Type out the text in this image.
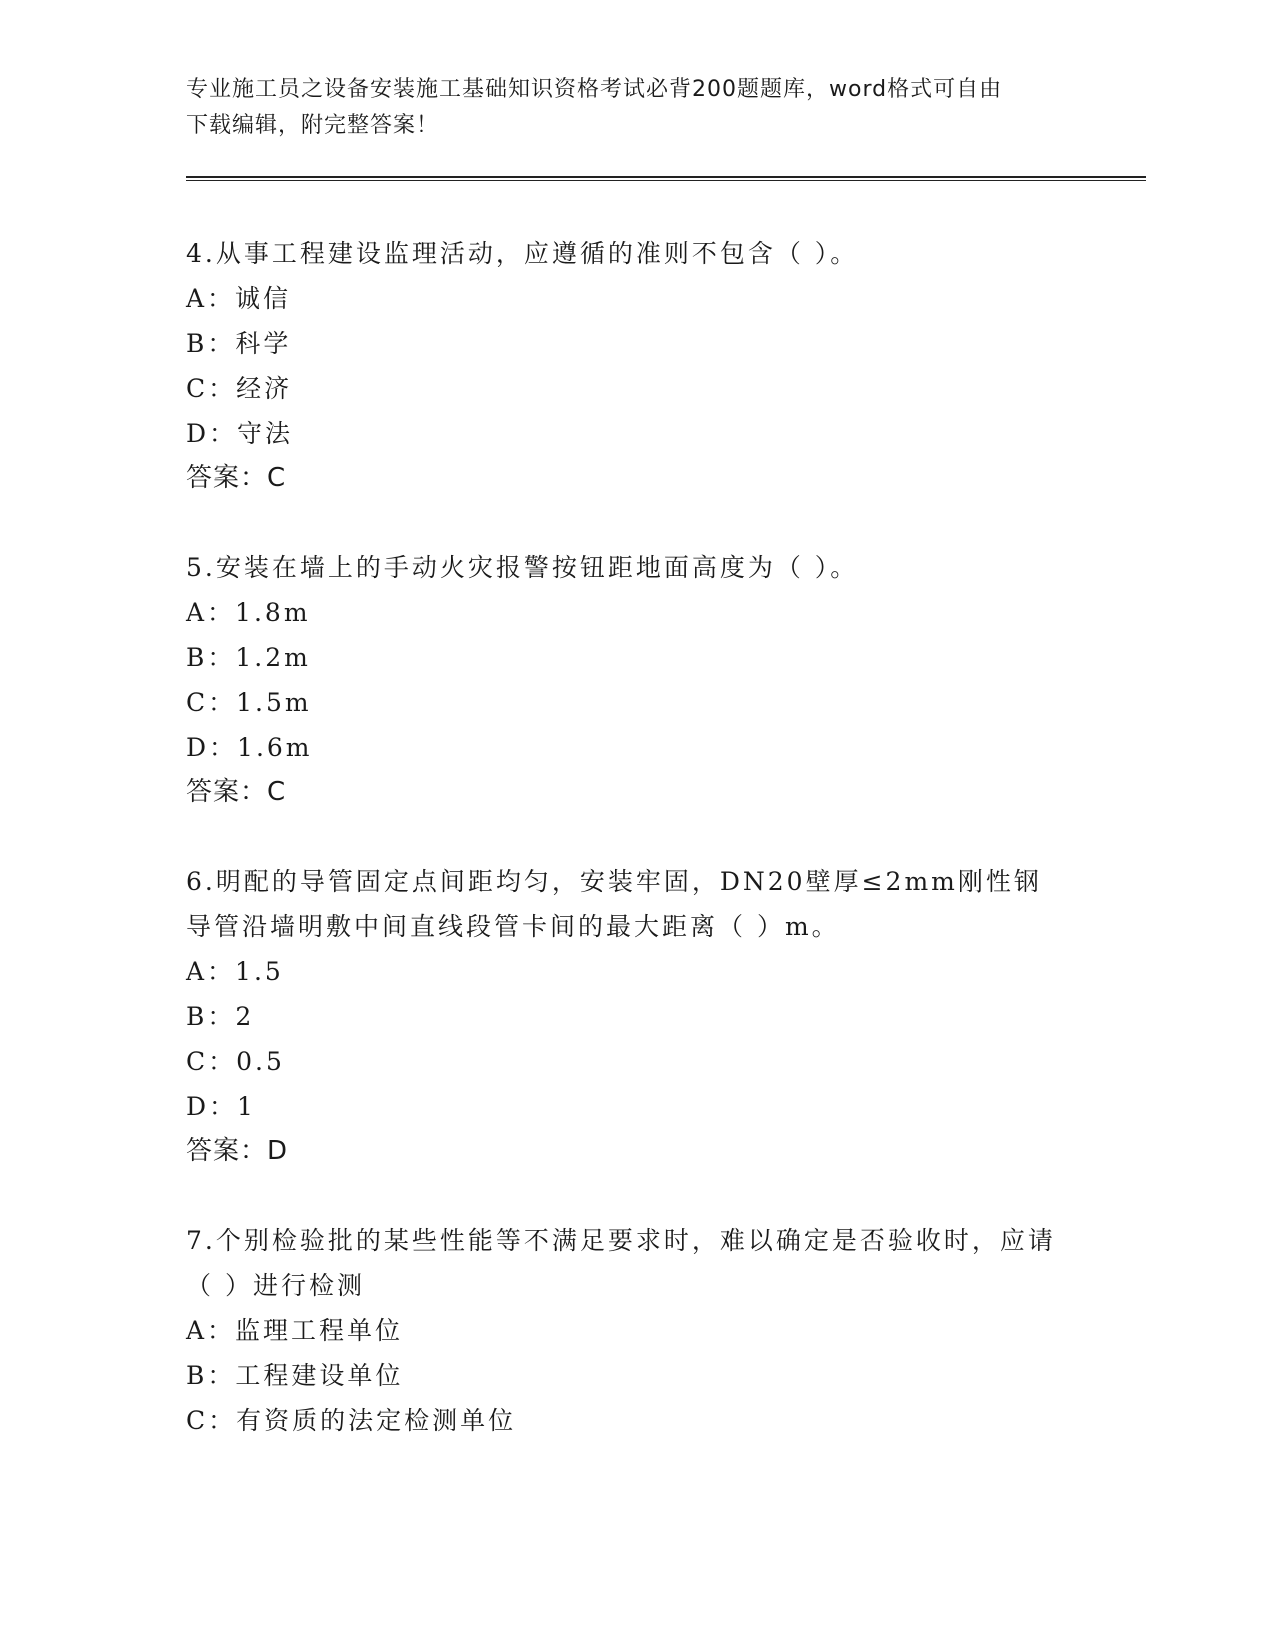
专业施工员之设备安装施工基础知识资格考试必背200题题库，word格式可自由
下载编辑，附完整答案！

4.从事工程建设监理活动，应遵循的准则不包含（ ）。

A：诚信

B：科学

C：经济

D：守法

答案：C

5.安装在墙上的手动火灾报警按钮距地面高度为（ ）。

A：1.8m

B：1.2m

C：1.5m

D：1.6m

答案：C

6.明配的导管固定点间距均匀，安装牢固，DN20壁厚≤2mm刚性钢导管沿墙明敷中间直线段管卡间的最大距离（ ）m。

A：1.5

B：2

C：0.5

D：1

答案：D

7.个别检验批的某些性能等不满足要求时，难以确定是否验收时，应请（ ）进行检测

A：监理工程单位

B：工程建设单位

C：有资质的法定检测单位
